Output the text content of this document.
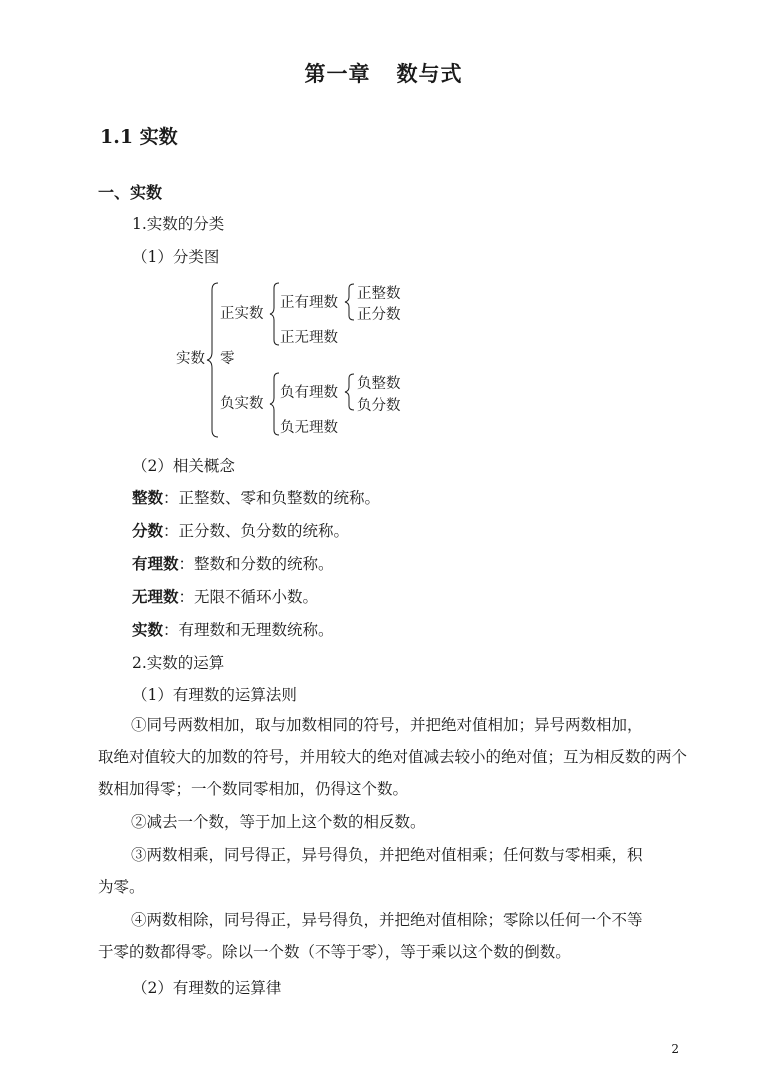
第一章 数与式
1.1 实数
一、实数
1.实数的分类
（1）分类图
实数
正实数
零
负实数
正有理数
正无理数
正整数
正分数
负有理数
负无理数
负整数
负分数
（2）相关概念
整数：正整数、零和负整数的统称。
分数：正分数、负分数的统称。
有理数：整数和分数的统称。
无理数：无限不循环小数。
实数：有理数和无理数统称。
2.实数的运算
（1）有理数的运算法则
①同号两数相加，取与加数相同的符号，并把绝对值相加；异号两数相加，
取绝对值较大的加数的符号，并用较大的绝对值减去较小的绝对值；互为相反数的两个数相加得零；一个数同零相加，仍得这个数。
②减去一个数，等于加上这个数的相反数。
③两数相乘，同号得正，异号得负，并把绝对值相乘；任何数与零相乘，积
为零。
④两数相除，同号得正，异号得负，并把绝对值相除；零除以任何一个不等
于零的数都得零。除以一个数（不等于零），等于乘以这个数的倒数。
（2）有理数的运算律
2
